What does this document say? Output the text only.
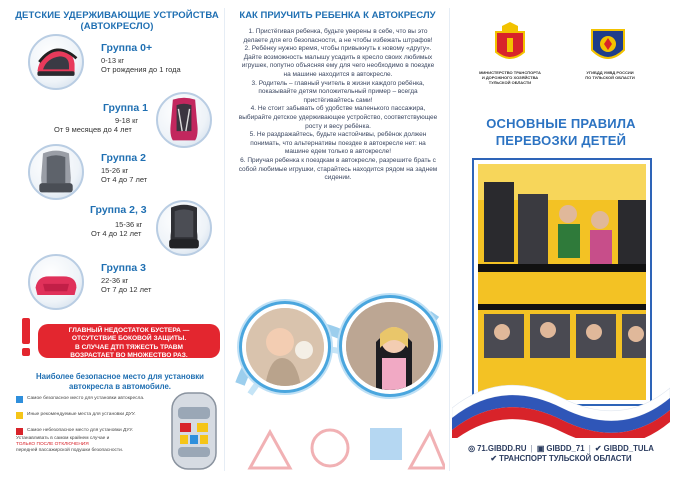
ДЕТСКИЕ УДЕРЖИВАЮЩИЕ УСТРОЙСТВА
(АВТОКРЕСЛО)
Группа 0+
0-13 кг
От рождения до 1 года
Группа 1
9-18 кг
От 9 месяцев до 4 лет
Группа 2
15-26 кг
От 4 до 7 лет
Группа 2, 3
15-36 кг
От 4 до 12 лет
Группа 3
22-36 кг
От 7 до 12 лет
ГЛАВНЫЙ НЕДОСТАТОК БУСТЕРА —
ОТСУТСТВИЕ БОКОВОЙ ЗАЩИТЫ.
В СЛУЧАЕ ДТП ТЯЖЕСТЬ ТРАВМ
ВОЗРАСТАЕТ ВО МНОЖЕСТВО РАЗ.
Наиболее безопасное место для установки
автокресла в автомобиле.
Самое безопасное место для установки автокресла.
Иные рекомендуемые места для установки ДУУ.
Самое небезопасное место для установки ДУУ.
Устанавливать в самом крайнем случае и
ТОЛЬКО ПОСЛЕ ОТКЛЮЧЕНИЯ
передней пассажирской подушки безопасности.
КАК ПРИУЧИТЬ РЕБЕНКА К АВТОКРЕСЛУ

1. Пристёгивая ребенка, будьте уверены в себе, что вы это делаете для его безопасности, а не чтобы избежать штрафов!

2. Ребёнку нужно время, чтобы привыкнуть к новому «другу». Дайте возможность малышу усадить в кресло своих любимых игрушек, попутно объясняя ему для чего необходимо в поездке на машине находится в автокресле.

3. Родитель – главный учитель в жизни каждого ребёнка, показывайте детям положительный пример – всегда пристёгивайтесь сами!

4. Не стоит забывать об удобстве маленького пассажира, выбирайте детское удерживающее устройство, соответствующее росту и весу ребёнка.

5. Не раздражайтесь, будьте настойчивы, ребёнок должен понимать, что альтернативы поездке в автокресле нет: на машине едем только в автокресле!

6. Приучая ребенка к поездкам в автокресле, разрешите брать с собой любимые игрушки, старайтесь находится рядом на заднем сидении.

МИНИСТЕРСТВО ТРАНСПОРТА
И ДОРОЖНОГО ХОЗЯЙСТВА
ТУЛЬСКОЙ ОБЛАСТИ
УГИБДД УМВД РОССИИ
ПО ТУЛЬСКОЙ ОБЛАСТИ
ОСНОВНЫЕ ПРАВИЛА
ПЕРЕВОЗКИ ДЕТЕЙ
◎ 71.GIBDD.RU | ▣ GIBDD_71 | ✔ GIBDD_TULA
✔ ТРАНСПОРТ ТУЛЬСКОЙ ОБЛАСТИ
